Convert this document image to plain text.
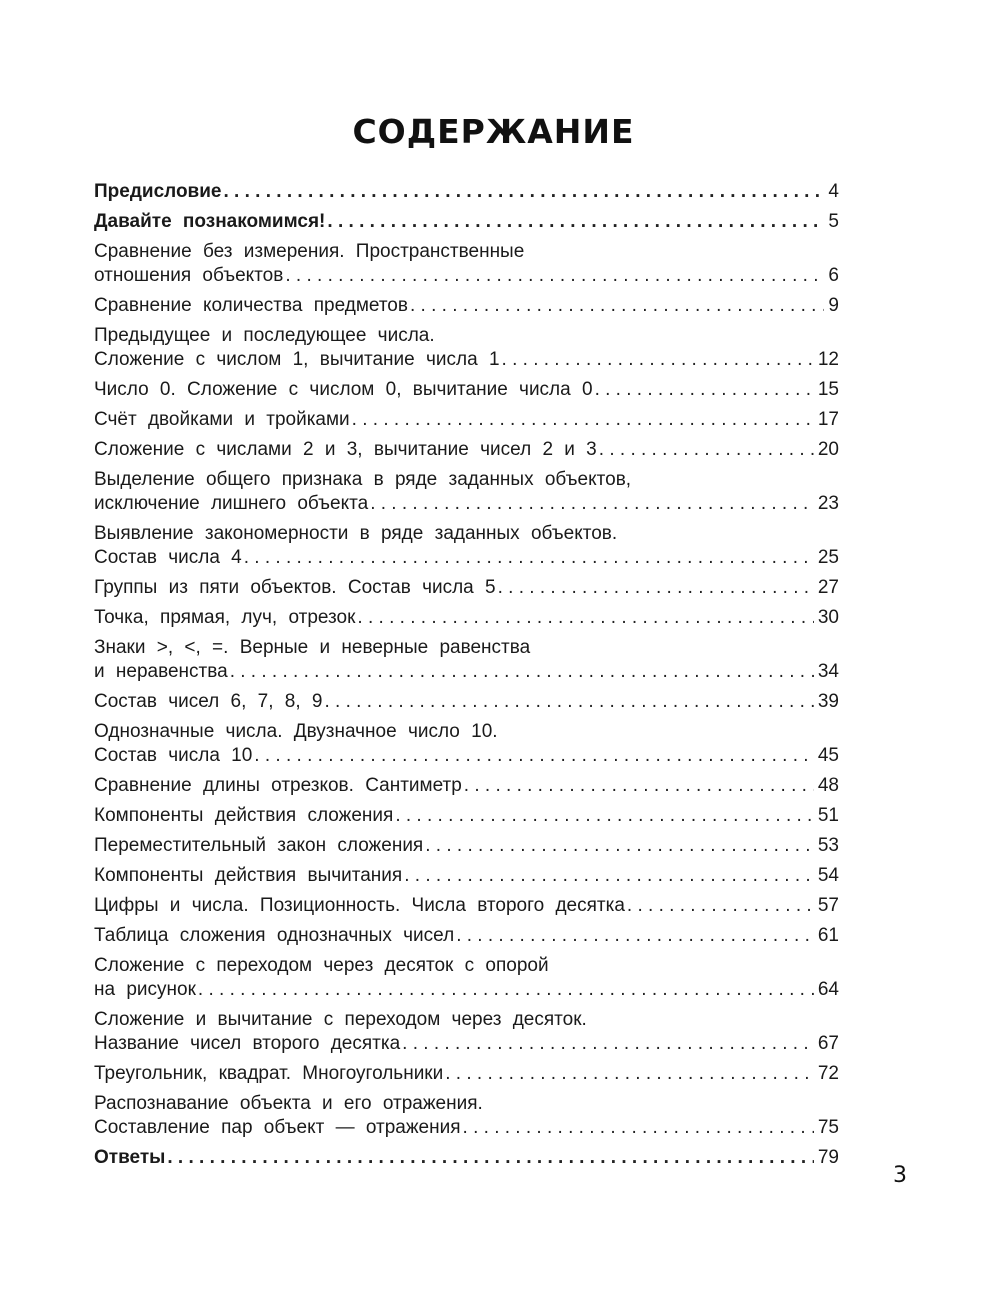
СОДЕРЖАНИЕ
Предисловие . . .	4
Давайте познакомимся! . . .	5
Сравнение без измерения. Пространственные
отношения объектов . . .	6
Сравнение количества предметов . . .	9
Предыдущее и последующее числа.
Сложение с числом 1, вычитание числа 1 . . .	12
Число 0. Сложение с числом 0, вычитание числа 0 . . .	15
Счёт двойками и тройками . . .	17
Сложение с числами 2 и 3, вычитание чисел 2 и 3 . . .	20
Выделение общего признака в ряде заданных объектов,
исключение лишнего объекта . . .	23
Выявление закономерности в ряде заданных объектов.
Состав числа 4 . . .	25
Группы из пяти объектов. Состав числа 5 . . .	27
Точка, прямая, луч, отрезок . . .	30
Знаки >, <, =. Верные и неверные равенства
и неравенства . . .	34
Состав чисел 6, 7, 8, 9 . . .	39
Однозначные числа. Двузначное число 10.
Состав числа 10 . . .	45
Сравнение длины отрезков. Сантиметр . . .	48
Компоненты действия сложения . . .	51
Переместительный закон сложения . . .	53
Компоненты действия вычитания . . .	54
Цифры и числа. Позиционность. Числа второго десятка . . .	57
Таблица сложения однозначных чисел . . .	61
Сложение с переходом через десяток с опорой
на рисунок . . .	64
Сложение и вычитание с переходом через десяток.
Название чисел второго десятка . . .	67
Треугольник, квадрат. Многоугольники . . .	72
Распознавание объекта и его отражения.
Составление пар объект — отражения . . .	75
Ответы . . .	79
3
